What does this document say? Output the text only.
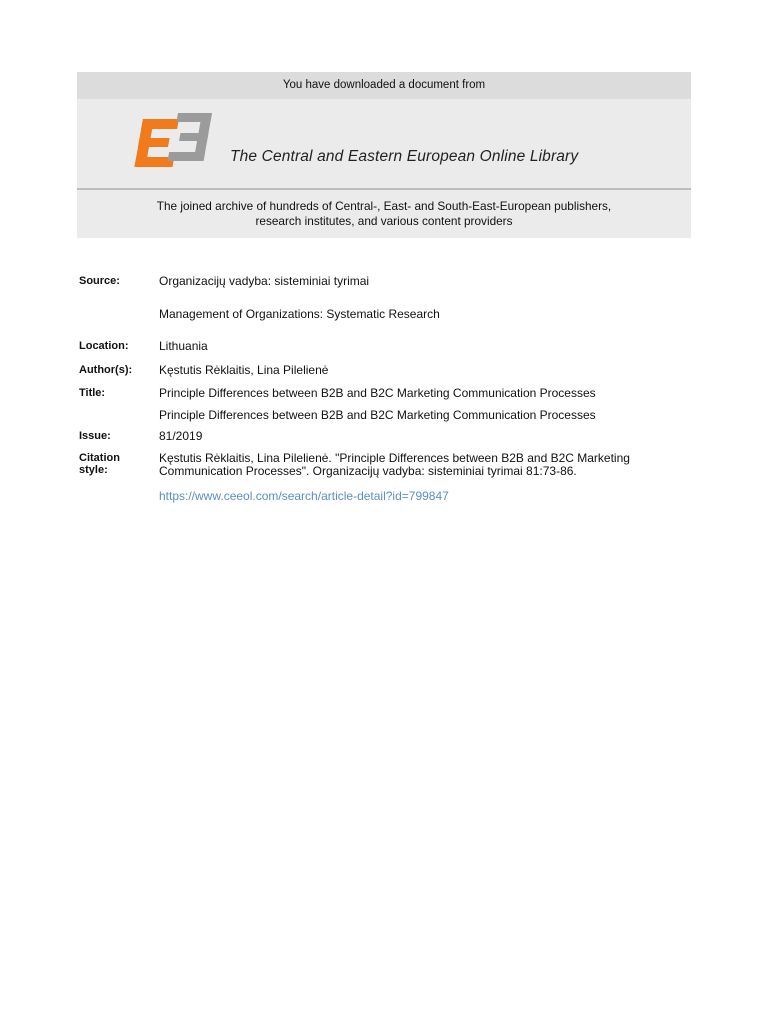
You have downloaded a document from
The Central and Eastern European Online Library
The joined archive of hundreds of Central-, East- and South-East-European publishers,
research institutes, and various content providers
Source:	Organizacijų vadyba: sisteminiai tyrimai
Management of Organizations: Systematic Research
Location:	Lithuania
Author(s): Kęstutis Rėklaitis, Lina Pilelienė
Title:	Principle Differences between B2B and B2C Marketing Communication Processes
Principle Differences between B2B and B2C Marketing Communication Processes
Issue:	81/2019
Citation
style:
Kęstutis Rėklaitis, Lina Pilelienė. "Principle Differences between B2B and B2C Marketing
Communication Processes". Organizacijų vadyba: sisteminiai tyrimai 81:73-86.
https://www.ceeol.com/search/article-detail?id=799847
